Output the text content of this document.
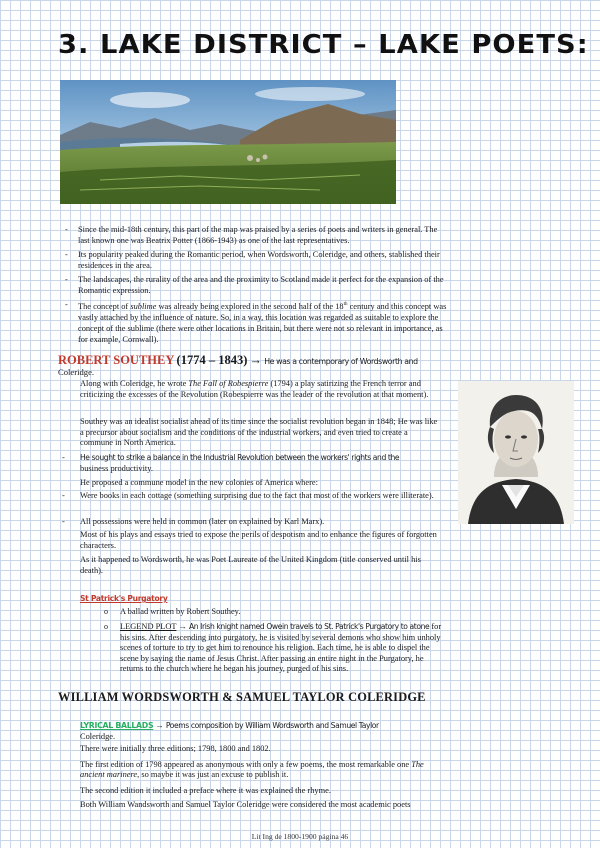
3. LAKE DISTRICT – LAKE POETS:
- Since the mid-18th century, this part of the map was praised by a series of poets and writers in general. The last known one was Beatrix Potter (1866-1943) as one of the last representatives.
- Its popularity peaked during the Romantic period, when Wordsworth, Coleridge, and others, stablished their residences in the area.
- The landscapes, the rurality of the area and the proximity to Scotland made it perfect for the expansion of the Romantic expression.
- The concept of sublime was already being explored in the second half of the 18th century and this concept was vastly attached by the influence of nature. So, in a way, this location was regarded as suitable to explore the concept of the sublime (there were other locations in Britain, but there were not so relevant in importance, as for example, Cornwall).
ROBERT SOUTHEY (1774 – 1843) → He was a contemporary of Wordsworth and
Coleridge.

Along with Coleridge, he wrote The Fall of Robespierre (1794) a play satirizing the French terror and criticizing the excesses of the Revolution (Robespierre was the leader of the revolution at that moment).

Southey was an idealist socialist ahead of its time since the socialist revolution began in 1848; He was like a precursor about socialism and the conditions of the industrial workers, and even tried to create a commune in North America.
- He sought to strike a balance in the Industrial Revolution between the workers' rights and the
business productivity.
He proposed a commune model in the new colonies of America where:
- Were books in each cottage (something surprising due to the fact that most of the workers were illiterate).
- All possessions were held in common (later on explained by Karl Marx).
Most of his plays and essays tried to expose the perils of despotism and to enhance the figures of forgotten characters.
As it happened to Wordsworth, he was Poet Laureate of the United Kingdom (title conserved until his death).
St Patrick's Purgatory
o A ballad written by Robert Southey.
o LEGEND PLOT → An Irish knight named Owein travels to St. Patrick's Purgatory to atone for his sins. After descending into purgatory, he is visited by several demons who show him unholy scenes of torture to try to get him to renounce his religion. Each time, he is able to dispel the scene by saying the name of Jesus Christ. After passing an entire night in the Purgatory, he returns to the church where he began his journey, purged of his sins.
WILLIAM WORDSWORTH & SAMUEL TAYLOR COLERIDGE
LYRICAL BALLADS → Poems composition by William Wordsworth and Samuel Taylor
Coleridge.
There were initially three editions; 1798, 1800 and 1802.
The first edition of 1798 appeared as anonymous with only a few poems, the most remarkable one The ancient marinere, so maybe it was just an excuse to publish it.
The second edition it included a preface where it was explained the rhyme.
Both William Wandsworth and Samuel Taylor Coleridge were considered the most academic poets
Lit Ing de 1800-1900 página 46
